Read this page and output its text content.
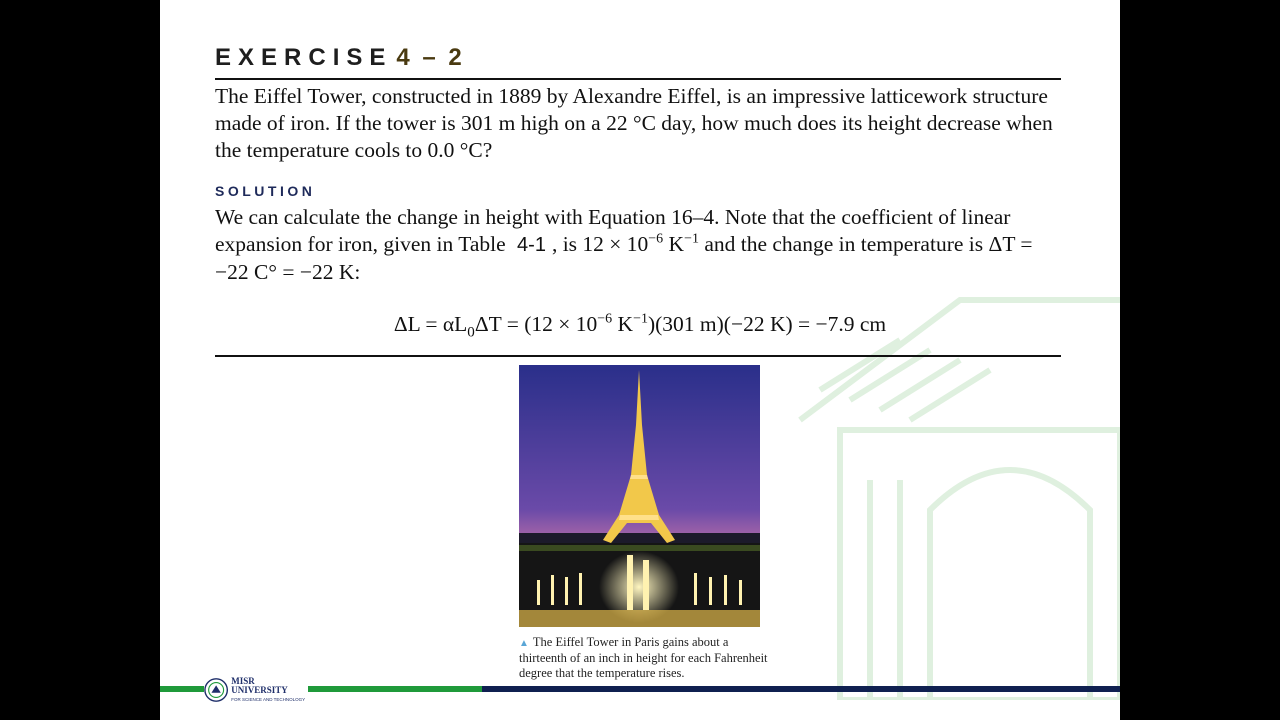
EXERCISE 4 – 2

The Eiffel Tower, constructed in 1889 by Alexandre Eiffel, is an impressive latticework structure made of iron. If the tower is 301 m high on a 22 °C day, how much does its height decrease when the temperature cools to 0.0 °C?

SOLUTION

We can calculate the change in height with Equation 16–4. Note that the coefficient of linear expansion for iron, given in Table 4-1 , is $12 \times 10^{-6}$ $K^{-1}$ and the change in temperature is ΔT = −22 C° = −22 K:

$\Delta L = \alpha L_0\Delta T = (12 \times 10^{-6}$ $K^{-1})(301$ m)(−22 K) = −7.9 cm
▲ The Eiffel Tower in Paris gains about a thirteenth of an inch in height for each Fahrenheit degree that the temperature rises.
MISR UNIVERSITY
FOR SCIENCE AND TECHNOLOGY
